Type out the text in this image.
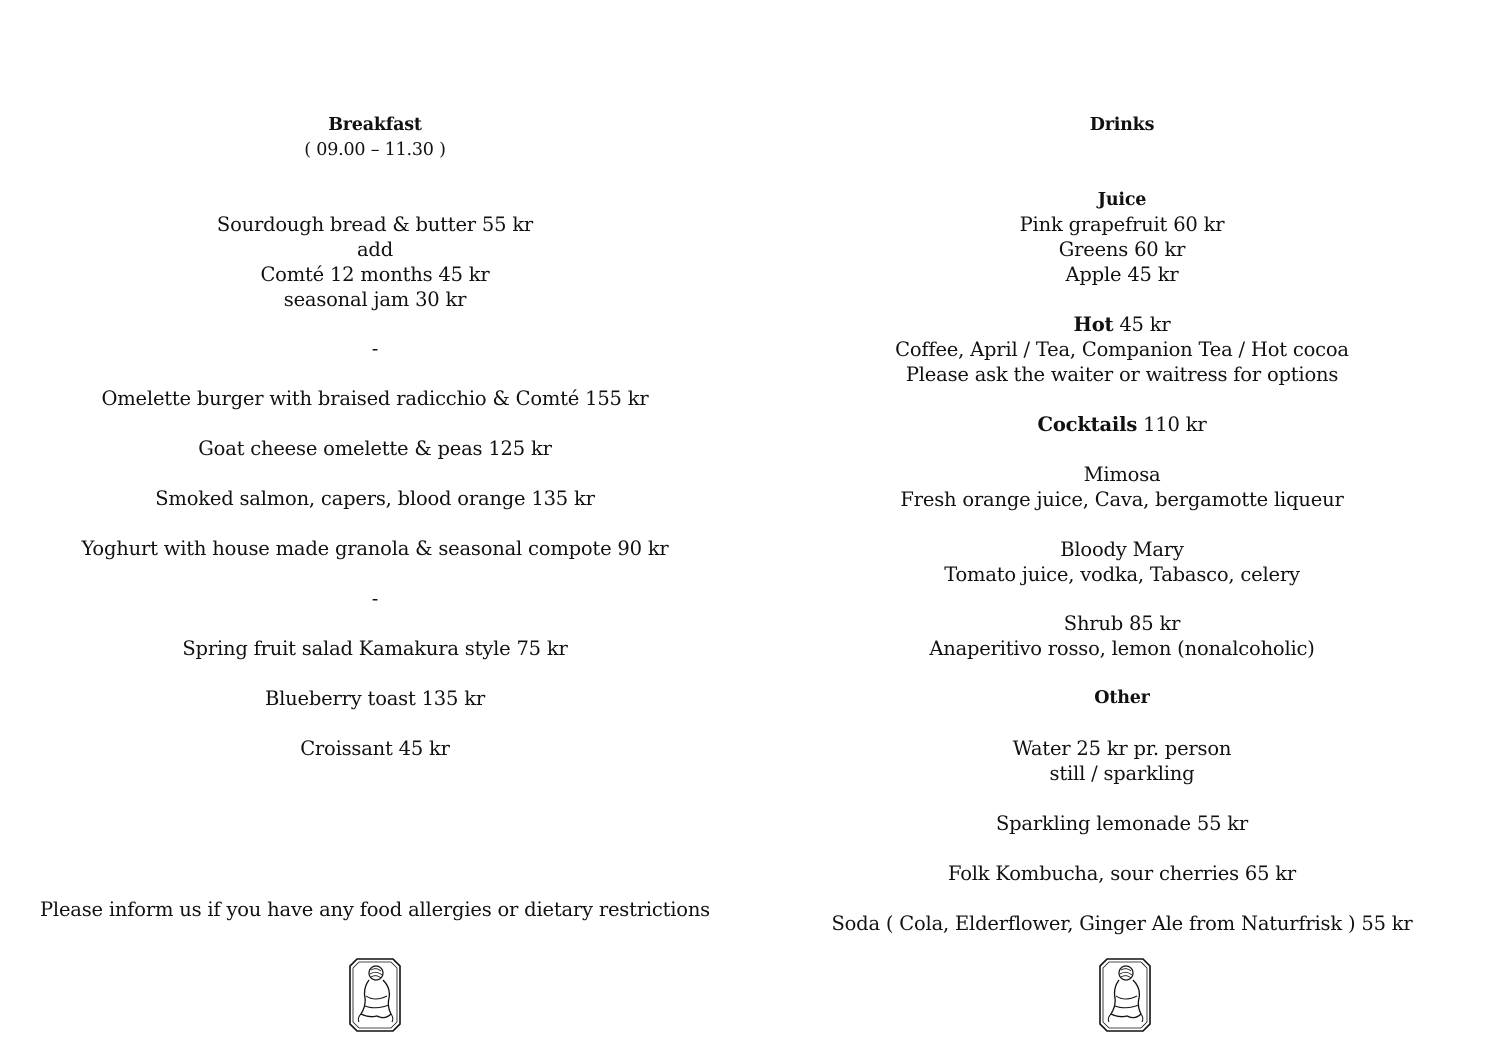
Breakfast
( 09.00 – 11.30 )
Sourdough bread & butter 55 kr
add
Comté 12 months 45 kr
seasonal jam 30 kr
-
Omelette burger with braised radicchio & Comté 155 kr
Goat cheese omelette & peas 125 kr
Smoked salmon, capers, blood orange 135 kr
Yoghurt with house made granola & seasonal compote 90 kr
-
Spring fruit salad Kamakura style 75 kr
Blueberry toast 135 kr
Croissant 45 kr
Please inform us if you have any food allergies or dietary restrictions
Drinks
Juice
Pink grapefruit 60 kr
Greens 60 kr
Apple 45 kr
Hot 45 kr
Coffee, April / Tea, Companion Tea / Hot cocoa
Please ask the waiter or waitress for options
Cocktails 110 kr
Mimosa
Fresh orange juice, Cava, bergamotte liqueur
Bloody Mary
Tomato juice, vodka, Tabasco, celery
Shrub 85 kr
Anaperitivo rosso, lemon (nonalcoholic)
Other
Water 25 kr pr. person
still / sparkling
Sparkling lemonade 55 kr
Folk Kombucha, sour cherries 65 kr
Soda ( Cola, Elderflower, Ginger Ale from Naturfrisk ) 55 kr
